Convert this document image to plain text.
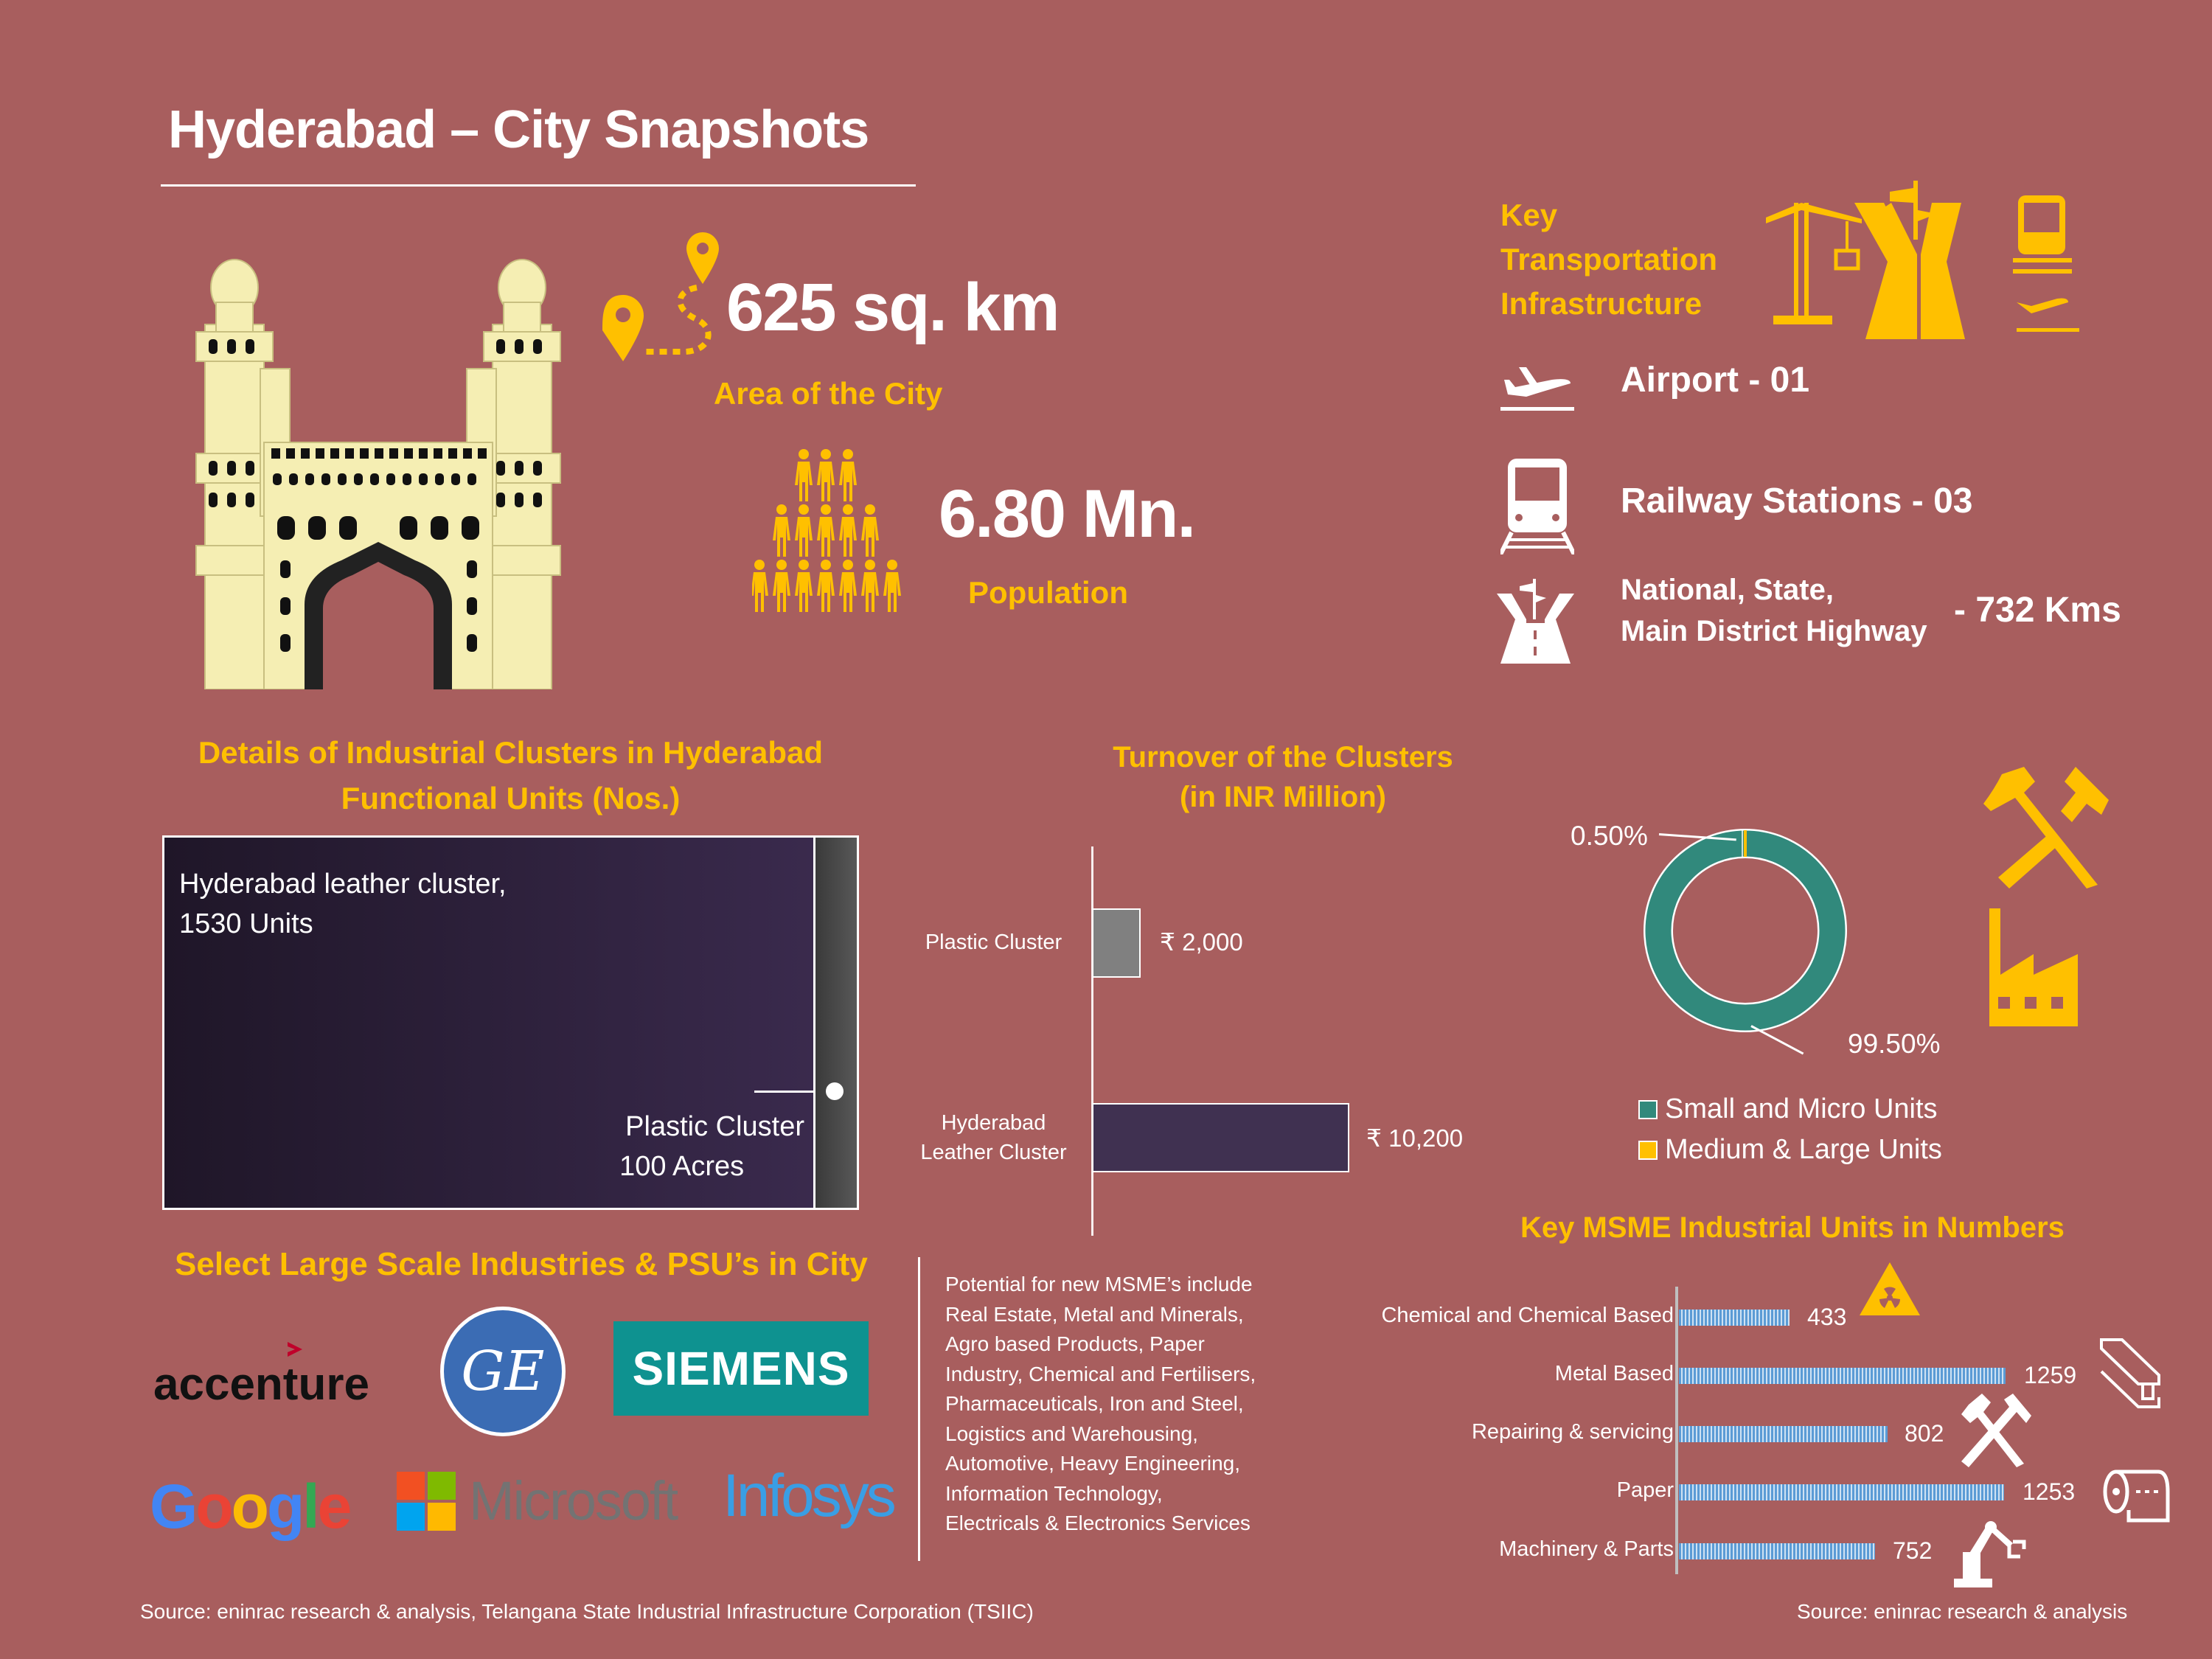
Hyderabad – City Snapshots
625 sq. km
Area of the City
6.80 Mn.
Population
Key
Transportation
Infrastructure
Airport - 01
Railway Stations - 03
National, State,
Main District Highway
- 732 Kms
Details of Industrial Clusters in Hyderabad
Functional Units (Nos.)
Hyderabad leather cluster,
1530 Units
Plastic Cluster
100 Acres
Turnover of the Clusters
(in INR Million)
Plastic Cluster	₹ 2,000
Hyderabad
Leather Cluster
₹ 10,200
0.50%
99.50%
Small and Micro Units
Medium & Large Units
Key MSME Industrial Units in Numbers
Chemical and Chemical Based	433
Metal Based	1259
Repairing & servicing	802
Paper	1253
Machinery & Parts	752
Select Large Scale Industries & PSU’s in City
accenture GE SIEMENS
Google Microsoft Infosys
Potential for new MSME’s include
Real Estate, Metal and Minerals,
Agro based Products, Paper
Industry, Chemical and Fertilisers,
Pharmaceuticals, Iron and Steel,
Logistics and Warehousing,
Automotive, Heavy Engineering,
Information Technology,
Electricals & Electronics Services
Source: eninrac research & analysis, Telangana State Industrial Infrastructure Corporation (TSIIC)	Source: eninrac research & analysis
